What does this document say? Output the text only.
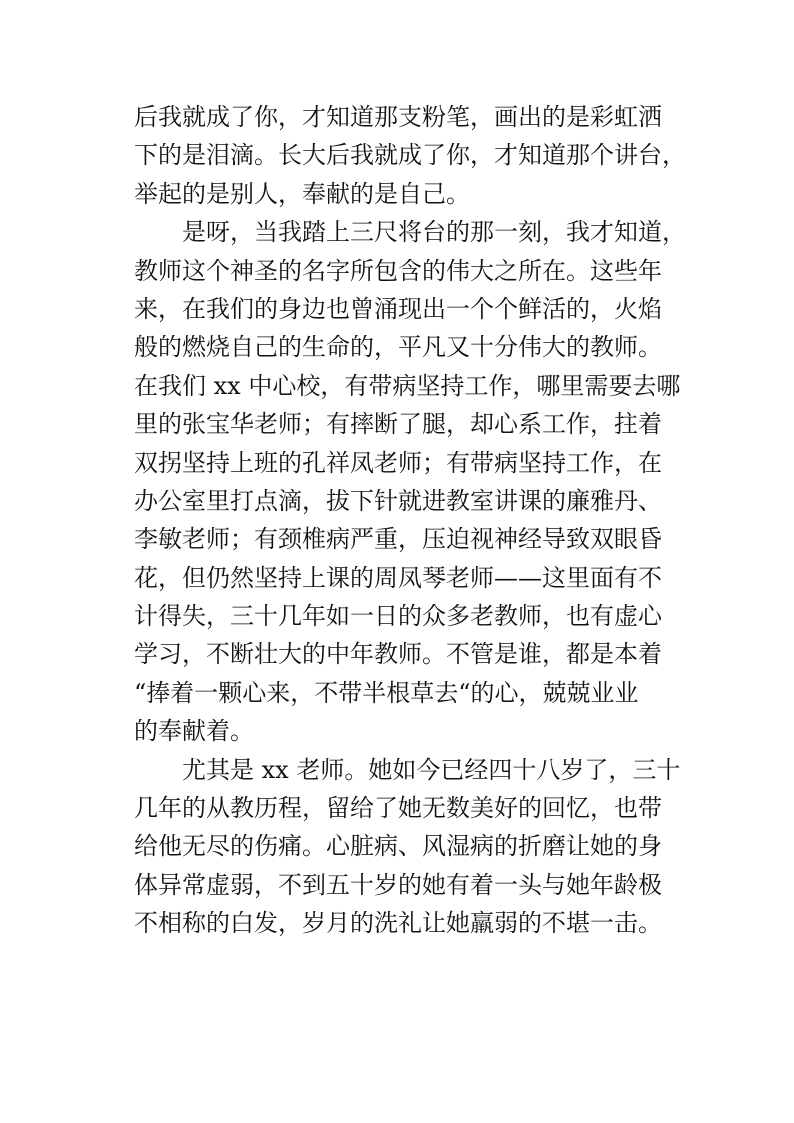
后我就成了你，才知道那支粉笔，画出的是彩虹洒
下的是泪滴。长大后我就成了你，才知道那个讲台，
举起的是别人，奉献的是自己。
是呀，当我踏上三尺将台的那一刻，我才知道，
教师这个神圣的名字所包含的伟大之所在。这些年
来，在我们的身边也曾涌现出一个个鲜活的，火焰
般的燃烧自己的生命的，平凡又十分伟大的教师。
在我们 xx 中心校，有带病坚持工作，哪里需要去哪
里的张宝华老师；有摔断了腿，却心系工作，拄着
双拐坚持上班的孔祥凤老师；有带病坚持工作，在
办公室里打点滴，拔下针就进教室讲课的廉雅丹、
李敏老师；有颈椎病严重，压迫视神经导致双眼昏
花，但仍然坚持上课的周凤琴老师——这里面有不
计得失，三十几年如一日的众多老教师，也有虚心
学习，不断壮大的中年教师。不管是谁，都是本着
“捧着一颗心来，不带半根草去“的心，兢兢业业
的奉献着。
尤其是 xx 老师。她如今已经四十八岁了，三十
几年的从教历程，留给了她无数美好的回忆，也带
给他无尽的伤痛。心脏病、风湿病的折磨让她的身
体异常虚弱，不到五十岁的她有着一头与她年龄极
不相称的白发，岁月的洗礼让她羸弱的不堪一击。
